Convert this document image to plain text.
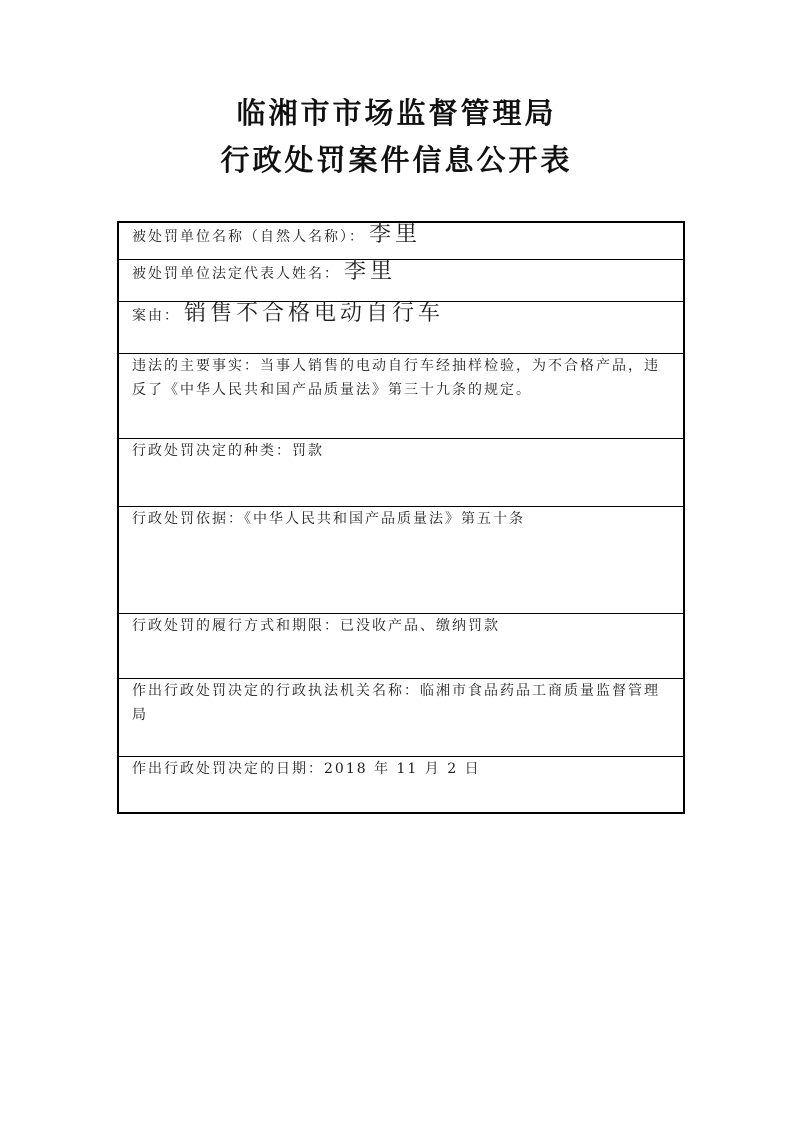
临湘市市场监督管理局
行政处罚案件信息公开表
被处罚单位名称（自然人名称）： 李里
被处罚单位法定代表人姓名： 李里
案由： 销售不合格电动自行车
违法的主要事实：当事人销售的电动自行车经抽样检验，为不合格产品，违反了《中华人民共和国产品质量法》第三十九条的规定。
行政处罚决定的种类：罚款
行政处罚依据：《中华人民共和国产品质量法》第五十条
行政处罚的履行方式和期限：已没收产品、缴纳罚款
作出行政处罚决定的行政执法机关名称：临湘市食品药品工商质量监督管理局
作出行政处罚决定的日期：2018 年 11 月 2 日
